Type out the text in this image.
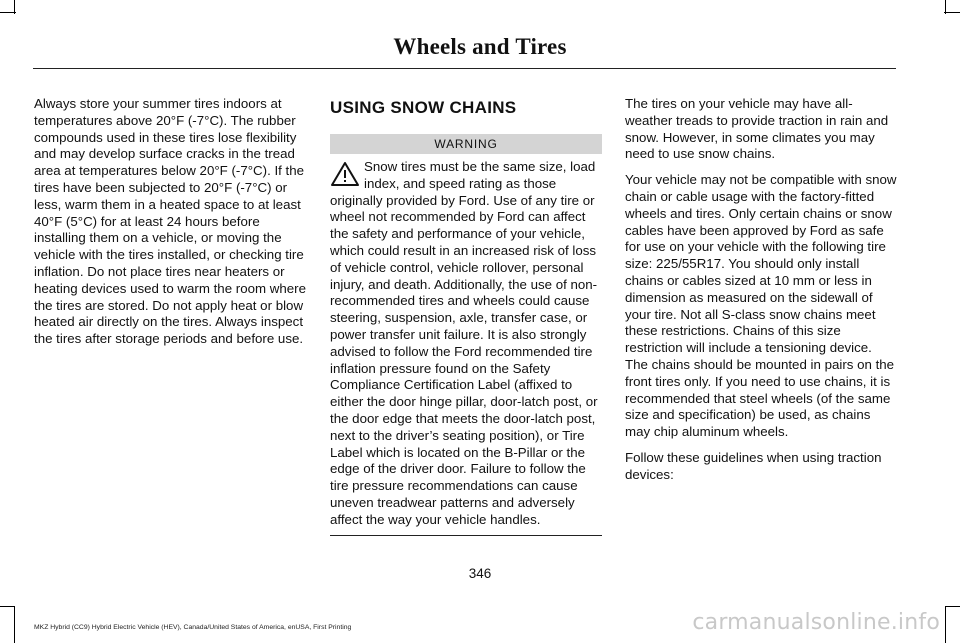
Wheels and Tires

Always store your summer tires indoors at temperatures above 20°F (-7°C). The rubber compounds used in these tires lose flexibility and may develop surface cracks in the tread area at temperatures below 20°F (-7°C). If the tires have been subjected to 20°F (-7°C) or less, warm them in a heated space to at least 40°F (5°C) for at least 24 hours before installing them on a vehicle, or moving the vehicle with the tires installed, or checking tire inflation. Do not place tires near heaters or heating devices used to warm the room where the tires are stored. Do not apply heat or blow heated air directly on the tires. Always inspect the tires after storage periods and before use.

USING SNOW CHAINS
WARNING
Snow tires must be the same size, load index, and speed rating as those originally provided by Ford. Use of any tire or wheel not recommended by Ford can affect the safety and performance of your vehicle, which could result in an increased risk of loss of vehicle control, vehicle rollover, personal injury, and death. Additionally, the use of non-recommended tires and wheels could cause steering, suspension, axle, transfer case, or power transfer unit failure. It is also strongly advised to follow the Ford recommended tire inflation pressure found on the Safety Compliance Certification Label (affixed to either the door hinge pillar, door-latch post, or the door edge that meets the door-latch post, next to the driver’s seating position), or Tire Label which is located on the B-Pillar or the edge of the driver door. Failure to follow the tire pressure recommendations can cause uneven treadwear patterns and adversely affect the way your vehicle handles.

The tires on your vehicle may have all-weather treads to provide traction in rain and snow. However, in some climates you may need to use snow chains.

Your vehicle may not be compatible with snow chain or cable usage with the factory-fitted wheels and tires. Only certain chains or snow cables have been approved by Ford as safe for use on your vehicle with the following tire size: 225/55R17. You should only install chains or cables sized at 10 mm or less in dimension as measured on the sidewall of your tire. Not all S-class snow chains meet these restrictions. Chains of this size restriction will include a tensioning device. The chains should be mounted in pairs on the front tires only. If you need to use chains, it is recommended that steel wheels (of the same size and specification) be used, as chains may chip aluminum wheels.

Follow these guidelines when using traction devices:

346
MKZ Hybrid (CC9) Hybrid Electric Vehicle (HEV), Canada/United States of America, enUSA, First Printing	carmanualsonline.info
